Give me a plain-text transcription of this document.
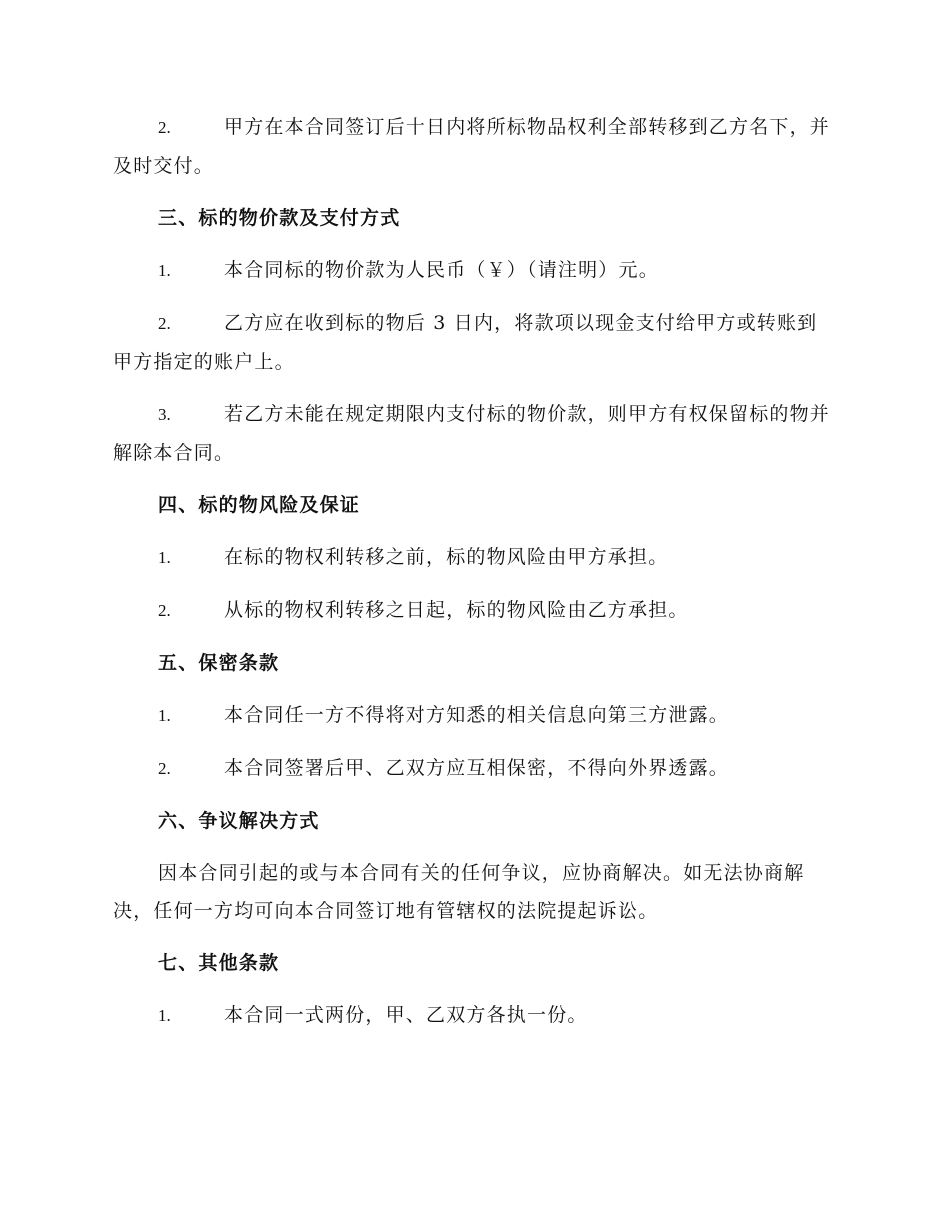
2.	甲方在本合同签订后十日内将所标物品权利全部转移到乙方名下，并及时交付。

三、标的物价款及支付方式

1.	本合同标的物价款为人民币（￥）（请注明）元。

2.	乙方应在收到标的物后 3 日内，将款项以现金支付给甲方或转账到甲方指定的账户上。

3.	若乙方未能在规定期限内支付标的物价款，则甲方有权保留标的物并解除本合同。

四、标的物风险及保证

1.	在标的物权利转移之前，标的物风险由甲方承担。

2.	从标的物权利转移之日起，标的物风险由乙方承担。

五、保密条款

1.	本合同任一方不得将对方知悉的相关信息向第三方泄露。

2.	本合同签署后甲、乙双方应互相保密，不得向外界透露。

六、争议解决方式

因本合同引起的或与本合同有关的任何争议，应协商解决。如无法协商解决，任何一方均可向本合同签订地有管辖权的法院提起诉讼。

七、其他条款

1.	本合同一式两份，甲、乙双方各执一份。
